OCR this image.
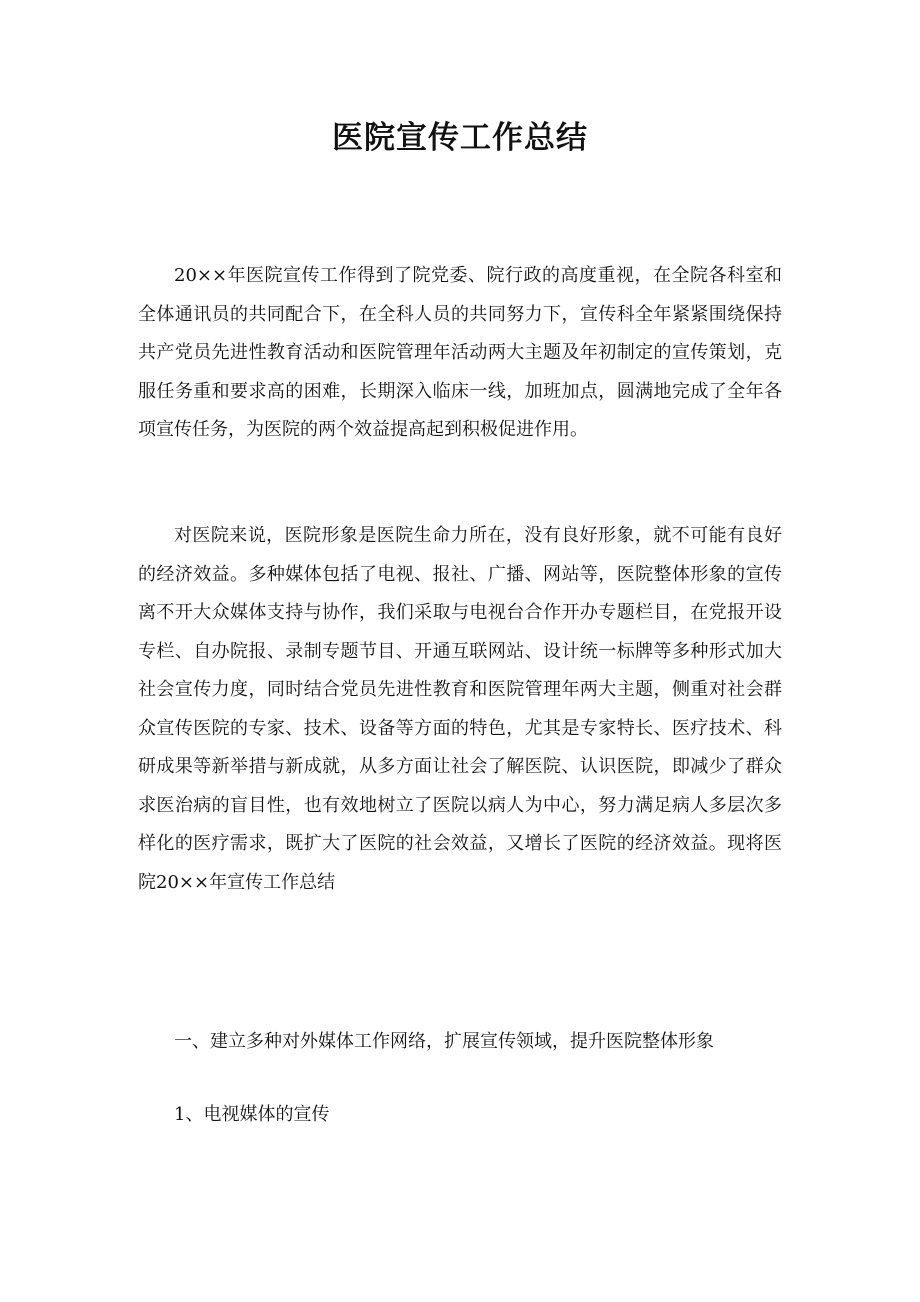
医院宣传工作总结

20××年医院宣传工作得到了院党委、院行政的高度重视，在全院各科室和全体通讯员的共同配合下，在全科人员的共同努力下，宣传科全年紧紧围绕保持共产党员先进性教育活动和医院管理年活动两大主题及年初制定的宣传策划，克服任务重和要求高的困难，长期深入临床一线，加班加点，圆满地完成了全年各项宣传任务，为医院的两个效益提高起到积极促进作用。

对医院来说，医院形象是医院生命力所在，没有良好形象，就不可能有良好的经济效益。多种媒体包括了电视、报社、广播、网站等，医院整体形象的宣传离不开大众媒体支持与协作，我们采取与电视台合作开办专题栏目，在党报开设专栏、自办院报、录制专题节目、开通互联网站、设计统一标牌等多种形式加大社会宣传力度，同时结合党员先进性教育和医院管理年两大主题，侧重对社会群众宣传医院的专家、技术、设备等方面的特色，尤其是专家特长、医疗技术、科研成果等新举措与新成就，从多方面让社会了解医院、认识医院，即减少了群众求医治病的盲目性，也有效地树立了医院以病人为中心，努力满足病人多层次多样化的医疗需求，既扩大了医院的社会效益，又增长了医院的经济效益。现将医院20××年宣传工作总结

一、建立多种对外媒体工作网络，扩展宣传领域，提升医院整体形象

1、电视媒体的宣传
